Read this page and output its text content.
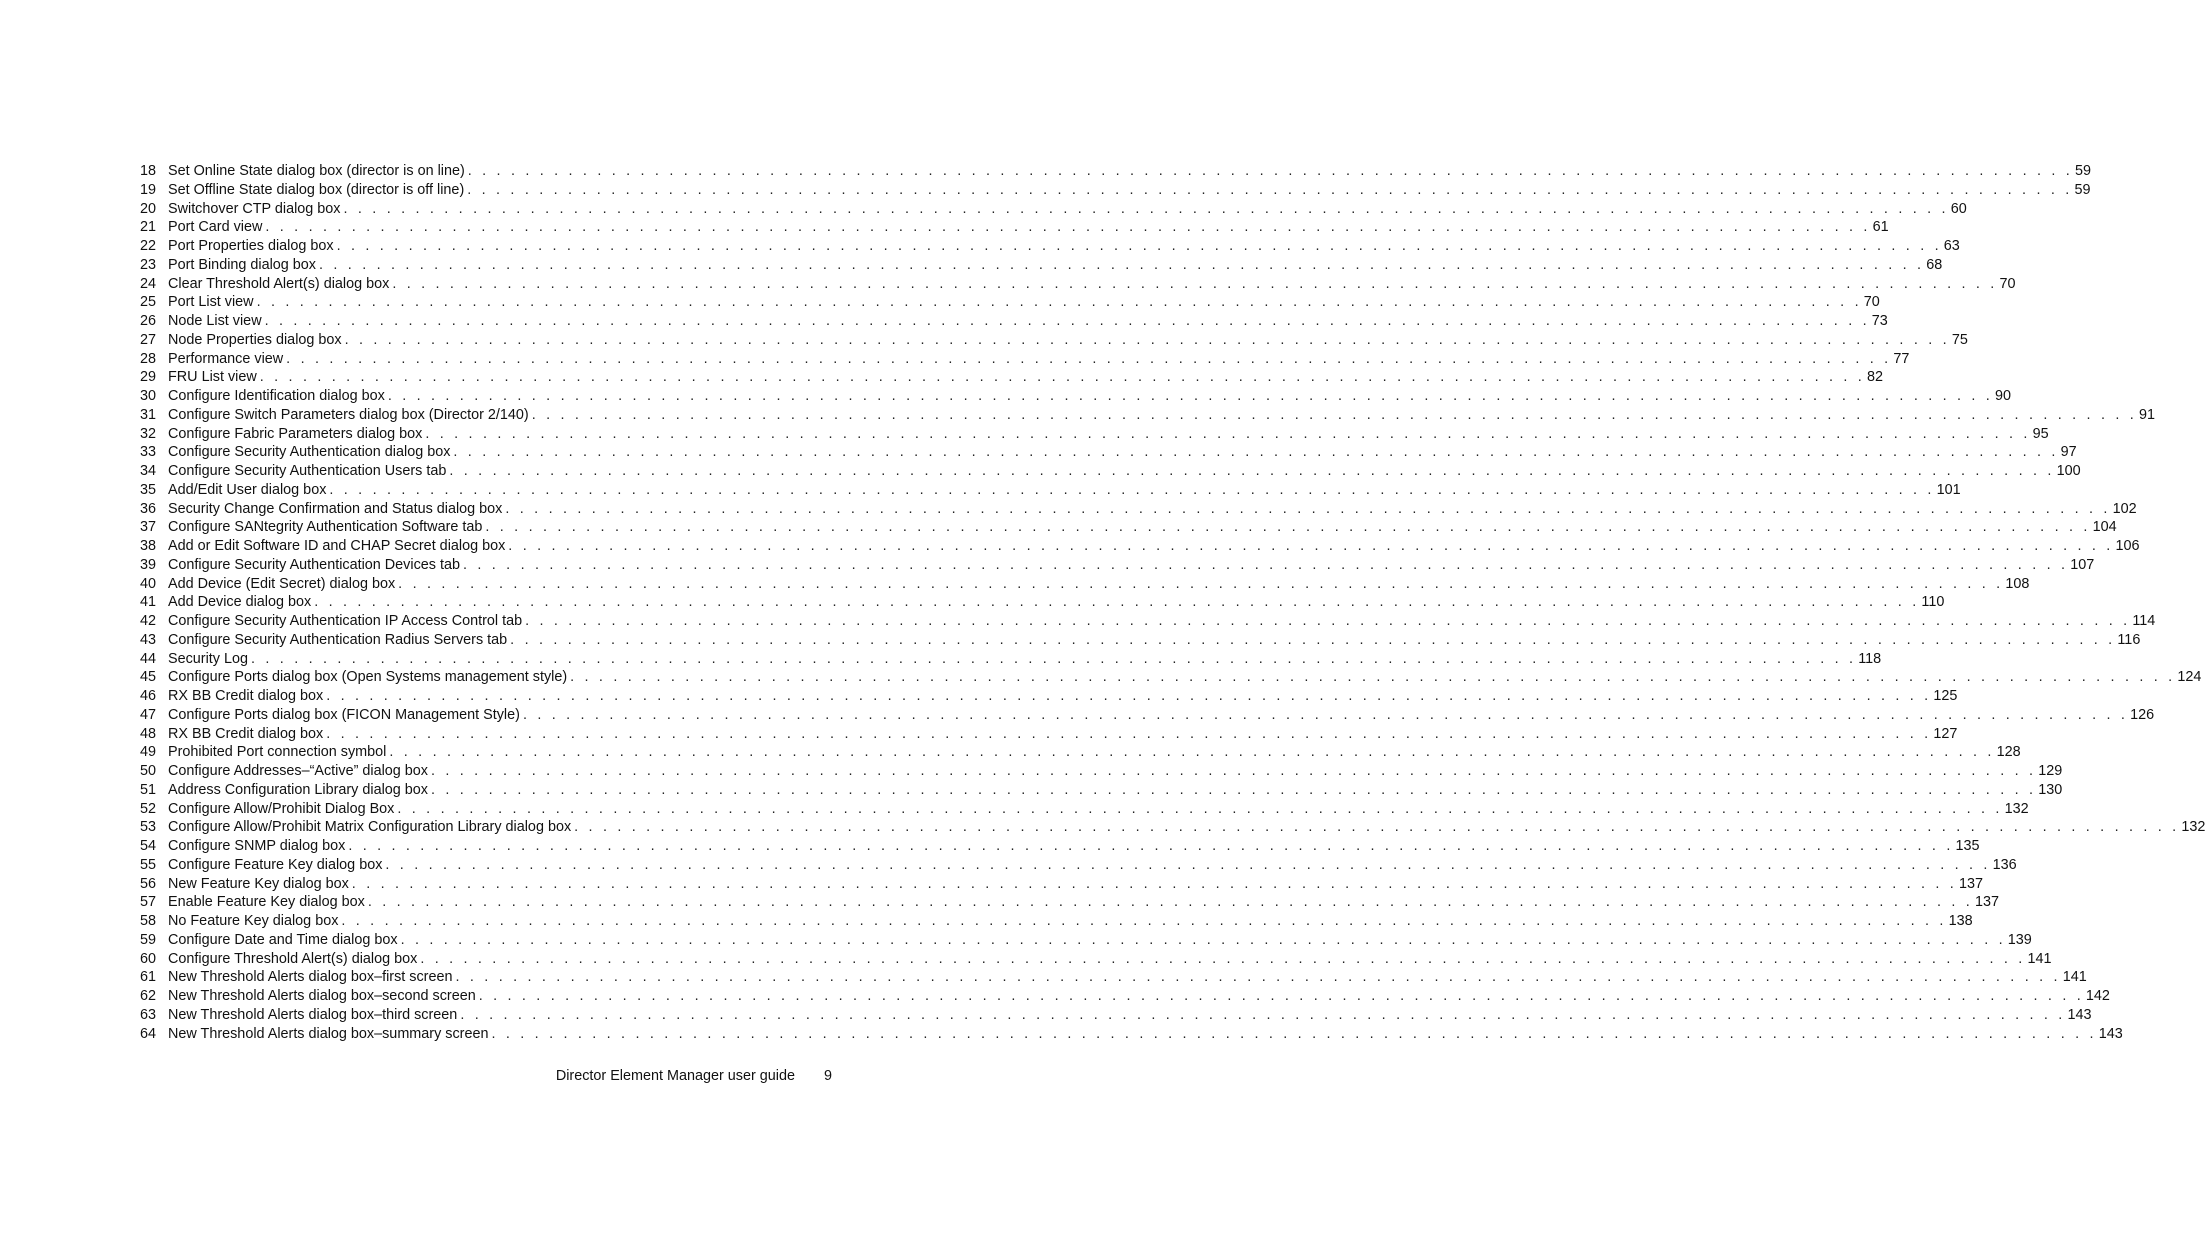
18 Set Online State dialog box (director is on line) . . . . . . . . . . . . . . . . . . . . . . . . . . . . . . . . . . . . . . . . . . . . . . . . . . . . . . . . . . . . . . . . . . . . . . . . . . . . . . . . . . . . . . . . . . . . . . . . . . . . . . . . . . . . . . . . 59
19 Set Offline State dialog box (director is off line) . . . . . . . . . . . . . . . . . . . . . . . . . . . . . . . . . . . . . . . . . . . . . . . . . . . . . . . . . . . . . . . . . . . . . . . . . . . . . . . . . . . . . . . . . . . . . . . . . . . . . . . . . . . . . . . . 59
20 Switchover CTP dialog box . . . . . . . . . . . . . . . . . . . . . . . . . . . . . . . . . . . . . . . . . . . . . . . . . . . . . . . . . . . . . . . . . . . . . . . . . . . . . . . . . . . . . . . . . . . . . . . . . . . . . . . . . . . . . . . . 60
21 Port Card view . . . . . . . . . . . . . . . . . . . . . . . . . . . . . . . . . . . . . . . . . . . . . . . . . . . . . . . . . . . . . . . . . . . . . . . . . . . . . . . . . . . . . . . . . . . . . . . . . . . . . . . . . . . . . . . . 61
22 Port Properties dialog box . . . . . . . . . . . . . . . . . . . . . . . . . . . . . . . . . . . . . . . . . . . . . . . . . . . . . . . . . . . . . . . . . . . . . . . . . . . . . . . . . . . . . . . . . . . . . . . . . . . . . . . . . . . . . . . . 63
23 Port Binding dialog box . . . . . . . . . . . . . . . . . . . . . . . . . . . . . . . . . . . . . . . . . . . . . . . . . . . . . . . . . . . . . . . . . . . . . . . . . . . . . . . . . . . . . . . . . . . . . . . . . . . . . . . . . . . . . . . . 68
24 Clear Threshold Alert(s) dialog box . . . . . . . . . . . . . . . . . . . . . . . . . . . . . . . . . . . . . . . . . . . . . . . . . . . . . . . . . . . . . . . . . . . . . . . . . . . . . . . . . . . . . . . . . . . . . . . . . . . . . . . . . . . . . . . . 70
25 Port List view . . . . . . . . . . . . . . . . . . . . . . . . . . . . . . . . . . . . . . . . . . . . . . . . . . . . . . . . . . . . . . . . . . . . . . . . . . . . . . . . . . . . . . . . . . . . . . . . . . . . . . . . . . . . . . . . 70
26 Node List view . . . . . . . . . . . . . . . . . . . . . . . . . . . . . . . . . . . . . . . . . . . . . . . . . . . . . . . . . . . . . . . . . . . . . . . . . . . . . . . . . . . . . . . . . . . . . . . . . . . . . . . . . . . . . . . . 73
27 Node Properties dialog box . . . . . . . . . . . . . . . . . . . . . . . . . . . . . . . . . . . . . . . . . . . . . . . . . . . . . . . . . . . . . . . . . . . . . . . . . . . . . . . . . . . . . . . . . . . . . . . . . . . . . . . . . . . . . . . . 75
28 Performance view . . . . . . . . . . . . . . . . . . . . . . . . . . . . . . . . . . . . . . . . . . . . . . . . . . . . . . . . . . . . . . . . . . . . . . . . . . . . . . . . . . . . . . . . . . . . . . . . . . . . . . . . . . . . . . . . 77
29 FRU List view . . . . . . . . . . . . . . . . . . . . . . . . . . . . . . . . . . . . . . . . . . . . . . . . . . . . . . . . . . . . . . . . . . . . . . . . . . . . . . . . . . . . . . . . . . . . . . . . . . . . . . . . . . . . . . . . 82
30 Configure Identification dialog box . . . . . . . . . . . . . . . . . . . . . . . . . . . . . . . . . . . . . . . . . . . . . . . . . . . . . . . . . . . . . . . . . . . . . . . . . . . . . . . . . . . . . . . . . . . . . . . . . . . . . . . . . . . . . . . . 90
31 Configure Switch Parameters dialog box (Director 2/140) . . . . . . . . . . . . . . . . . . . . . . . . . . . . . . . . . . . . . . . . . . . . . . . . . . . . . . . . . . . . . . . . . . . . . . . . . . . . . . . . . . . . . . . . . . . . . . . . . . . . . . . . . . . . . . . . 91
32 Configure Fabric Parameters dialog box . . . . . . . . . . . . . . . . . . . . . . . . . . . . . . . . . . . . . . . . . . . . . . . . . . . . . . . . . . . . . . . . . . . . . . . . . . . . . . . . . . . . . . . . . . . . . . . . . . . . . . . . . . . . . . . . 95
33 Configure Security Authentication dialog box . . . . . . . . . . . . . . . . . . . . . . . . . . . . . . . . . . . . . . . . . . . . . . . . . . . . . . . . . . . . . . . . . . . . . . . . . . . . . . . . . . . . . . . . . . . . . . . . . . . . . . . . . . . . . . . . 97
34 Configure Security Authentication Users tab . . . . . . . . . . . . . . . . . . . . . . . . . . . . . . . . . . . . . . . . . . . . . . . . . . . . . . . . . . . . . . . . . . . . . . . . . . . . . . . . . . . . . . . . . . . . . . . . . . . . . . . . . . . . . . . . 100
35 Add/Edit User dialog box . . . . . . . . . . . . . . . . . . . . . . . . . . . . . . . . . . . . . . . . . . . . . . . . . . . . . . . . . . . . . . . . . . . . . . . . . . . . . . . . . . . . . . . . . . . . . . . . . . . . . . . . . . . . . . . . 101
36 Security Change Confirmation and Status dialog box . . . . . . . . . . . . . . . . . . . . . . . . . . . . . . . . . . . . . . . . . . . . . . . . . . . . . . . . . . . . . . . . . . . . . . . . . . . . . . . . . . . . . . . . . . . . . . . . . . . . . . . . . . . . . . . . 102
37 Configure SANtegrity Authentication Software tab . . . . . . . . . . . . . . . . . . . . . . . . . . . . . . . . . . . . . . . . . . . . . . . . . . . . . . . . . . . . . . . . . . . . . . . . . . . . . . . . . . . . . . . . . . . . . . . . . . . . . . . . . . . . . . . . 104
38 Add or Edit Software ID and CHAP Secret dialog box . . . . . . . . . . . . . . . . . . . . . . . . . . . . . . . . . . . . . . . . . . . . . . . . . . . . . . . . . . . . . . . . . . . . . . . . . . . . . . . . . . . . . . . . . . . . . . . . . . . . . . . . . . . . . . . . 106
39 Configure Security Authentication Devices tab . . . . . . . . . . . . . . . . . . . . . . . . . . . . . . . . . . . . . . . . . . . . . . . . . . . . . . . . . . . . . . . . . . . . . . . . . . . . . . . . . . . . . . . . . . . . . . . . . . . . . . . . . . . . . . . . 107
40 Add Device (Edit Secret) dialog box . . . . . . . . . . . . . . . . . . . . . . . . . . . . . . . . . . . . . . . . . . . . . . . . . . . . . . . . . . . . . . . . . . . . . . . . . . . . . . . . . . . . . . . . . . . . . . . . . . . . . . . . . . . . . . . . 108
41 Add Device dialog box . . . . . . . . . . . . . . . . . . . . . . . . . . . . . . . . . . . . . . . . . . . . . . . . . . . . . . . . . . . . . . . . . . . . . . . . . . . . . . . . . . . . . . . . . . . . . . . . . . . . . . . . . . . . . . . . 110
42 Configure Security Authentication IP Access Control tab . . . . . . . . . . . . . . . . . . . . . . . . . . . . . . . . . . . . . . . . . . . . . . . . . . . . . . . . . . . . . . . . . . . . . . . . . . . . . . . . . . . . . . . . . . . . . . . . . . . . . . . . . . . . . . . . 114
43 Configure Security Authentication Radius Servers tab . . . . . . . . . . . . . . . . . . . . . . . . . . . . . . . . . . . . . . . . . . . . . . . . . . . . . . . . . . . . . . . . . . . . . . . . . . . . . . . . . . . . . . . . . . . . . . . . . . . . . . . . . . . . . . . . 116
44 Security Log . . . . . . . . . . . . . . . . . . . . . . . . . . . . . . . . . . . . . . . . . . . . . . . . . . . . . . . . . . . . . . . . . . . . . . . . . . . . . . . . . . . . . . . . . . . . . . . . . . . . . . . . . . . . . . . . 118
45 Configure Ports dialog box (Open Systems management style) . . . . . . . . . . . . . . . . . . . . . . . . . . . . . . . . . . . . . . . . . . . . . . . . . . . . . . . . . . . . . . . . . . . . . . . . . . . . . . . . . . . . . . . . . . . . . . . . . . . . . . . . . . . . . . . . 124
46 RX BB Credit dialog box . . . . . . . . . . . . . . . . . . . . . . . . . . . . . . . . . . . . . . . . . . . . . . . . . . . . . . . . . . . . . . . . . . . . . . . . . . . . . . . . . . . . . . . . . . . . . . . . . . . . . . . . . . . . . . . . 125
47 Configure Ports dialog box (FICON Management Style) . . . . . . . . . . . . . . . . . . . . . . . . . . . . . . . . . . . . . . . . . . . . . . . . . . . . . . . . . . . . . . . . . . . . . . . . . . . . . . . . . . . . . . . . . . . . . . . . . . . . . . . . . . . . . . . . 126
48 RX BB Credit dialog box . . . . . . . . . . . . . . . . . . . . . . . . . . . . . . . . . . . . . . . . . . . . . . . . . . . . . . . . . . . . . . . . . . . . . . . . . . . . . . . . . . . . . . . . . . . . . . . . . . . . . . . . . . . . . . . . 127
49 Prohibited Port connection symbol . . . . . . . . . . . . . . . . . . . . . . . . . . . . . . . . . . . . . . . . . . . . . . . . . . . . . . . . . . . . . . . . . . . . . . . . . . . . . . . . . . . . . . . . . . . . . . . . . . . . . . . . . . . . . . . . 128
50 Configure Addresses–“Active” dialog box . . . . . . . . . . . . . . . . . . . . . . . . . . . . . . . . . . . . . . . . . . . . . . . . . . . . . . . . . . . . . . . . . . . . . . . . . . . . . . . . . . . . . . . . . . . . . . . . . . . . . . . . . . . . . . . . 129
51 Address Configuration Library dialog box . . . . . . . . . . . . . . . . . . . . . . . . . . . . . . . . . . . . . . . . . . . . . . . . . . . . . . . . . . . . . . . . . . . . . . . . . . . . . . . . . . . . . . . . . . . . . . . . . . . . . . . . . . . . . . . . 130
52 Configure Allow/Prohibit Dialog Box . . . . . . . . . . . . . . . . . . . . . . . . . . . . . . . . . . . . . . . . . . . . . . . . . . . . . . . . . . . . . . . . . . . . . . . . . . . . . . . . . . . . . . . . . . . . . . . . . . . . . . . . . . . . . . . . 132
53 Configure Allow/Prohibit Matrix Configuration Library dialog box . . . . . . . . . . . . . . . . . . . . . . . . . . . . . . . . . . . . . . . . . . . . . . . . . . . . . . . . . . . . . . . . . . . . . . . . . . . . . . . . . . . . . . . . . . . . . . . . . . . . . . . . . . . . . . . . 132
54 Configure SNMP dialog box . . . . . . . . . . . . . . . . . . . . . . . . . . . . . . . . . . . . . . . . . . . . . . . . . . . . . . . . . . . . . . . . . . . . . . . . . . . . . . . . . . . . . . . . . . . . . . . . . . . . . . . . . . . . . . . . 135
55 Configure Feature Key dialog box . . . . . . . . . . . . . . . . . . . . . . . . . . . . . . . . . . . . . . . . . . . . . . . . . . . . . . . . . . . . . . . . . . . . . . . . . . . . . . . . . . . . . . . . . . . . . . . . . . . . . . . . . . . . . . . . 136
56 New Feature Key dialog box . . . . . . . . . . . . . . . . . . . . . . . . . . . . . . . . . . . . . . . . . . . . . . . . . . . . . . . . . . . . . . . . . . . . . . . . . . . . . . . . . . . . . . . . . . . . . . . . . . . . . . . . . . . . . . . . 137
57 Enable Feature Key dialog box . . . . . . . . . . . . . . . . . . . . . . . . . . . . . . . . . . . . . . . . . . . . . . . . . . . . . . . . . . . . . . . . . . . . . . . . . . . . . . . . . . . . . . . . . . . . . . . . . . . . . . . . . . . . . . . . 137
58 No Feature Key dialog box . . . . . . . . . . . . . . . . . . . . . . . . . . . . . . . . . . . . . . . . . . . . . . . . . . . . . . . . . . . . . . . . . . . . . . . . . . . . . . . . . . . . . . . . . . . . . . . . . . . . . . . . . . . . . . . . 138
59 Configure Date and Time dialog box . . . . . . . . . . . . . . . . . . . . . . . . . . . . . . . . . . . . . . . . . . . . . . . . . . . . . . . . . . . . . . . . . . . . . . . . . . . . . . . . . . . . . . . . . . . . . . . . . . . . . . . . . . . . . . . . 139
60 Configure Threshold Alert(s) dialog box . . . . . . . . . . . . . . . . . . . . . . . . . . . . . . . . . . . . . . . . . . . . . . . . . . . . . . . . . . . . . . . . . . . . . . . . . . . . . . . . . . . . . . . . . . . . . . . . . . . . . . . . . . . . . . . . 141
61 New Threshold Alerts dialog box–first screen . . . . . . . . . . . . . . . . . . . . . . . . . . . . . . . . . . . . . . . . . . . . . . . . . . . . . . . . . . . . . . . . . . . . . . . . . . . . . . . . . . . . . . . . . . . . . . . . . . . . . . . . . . . . . . . . 141
62 New Threshold Alerts dialog box–second screen . . . . . . . . . . . . . . . . . . . . . . . . . . . . . . . . . . . . . . . . . . . . . . . . . . . . . . . . . . . . . . . . . . . . . . . . . . . . . . . . . . . . . . . . . . . . . . . . . . . . . . . . . . . . . . . . 142
63 New Threshold Alerts dialog box–third screen . . . . . . . . . . . . . . . . . . . . . . . . . . . . . . . . . . . . . . . . . . . . . . . . . . . . . . . . . . . . . . . . . . . . . . . . . . . . . . . . . . . . . . . . . . . . . . . . . . . . . . . . . . . . . . . . 143
64 New Threshold Alerts dialog box–summary screen . . . . . . . . . . . . . . . . . . . . . . . . . . . . . . . . . . . . . . . . . . . . . . . . . . . . . . . . . . . . . . . . . . . . . . . . . . . . . . . . . . . . . . . . . . . . . . . . . . . . . . . . . . . . . . . . 143
Director Element Manager user guide 9
